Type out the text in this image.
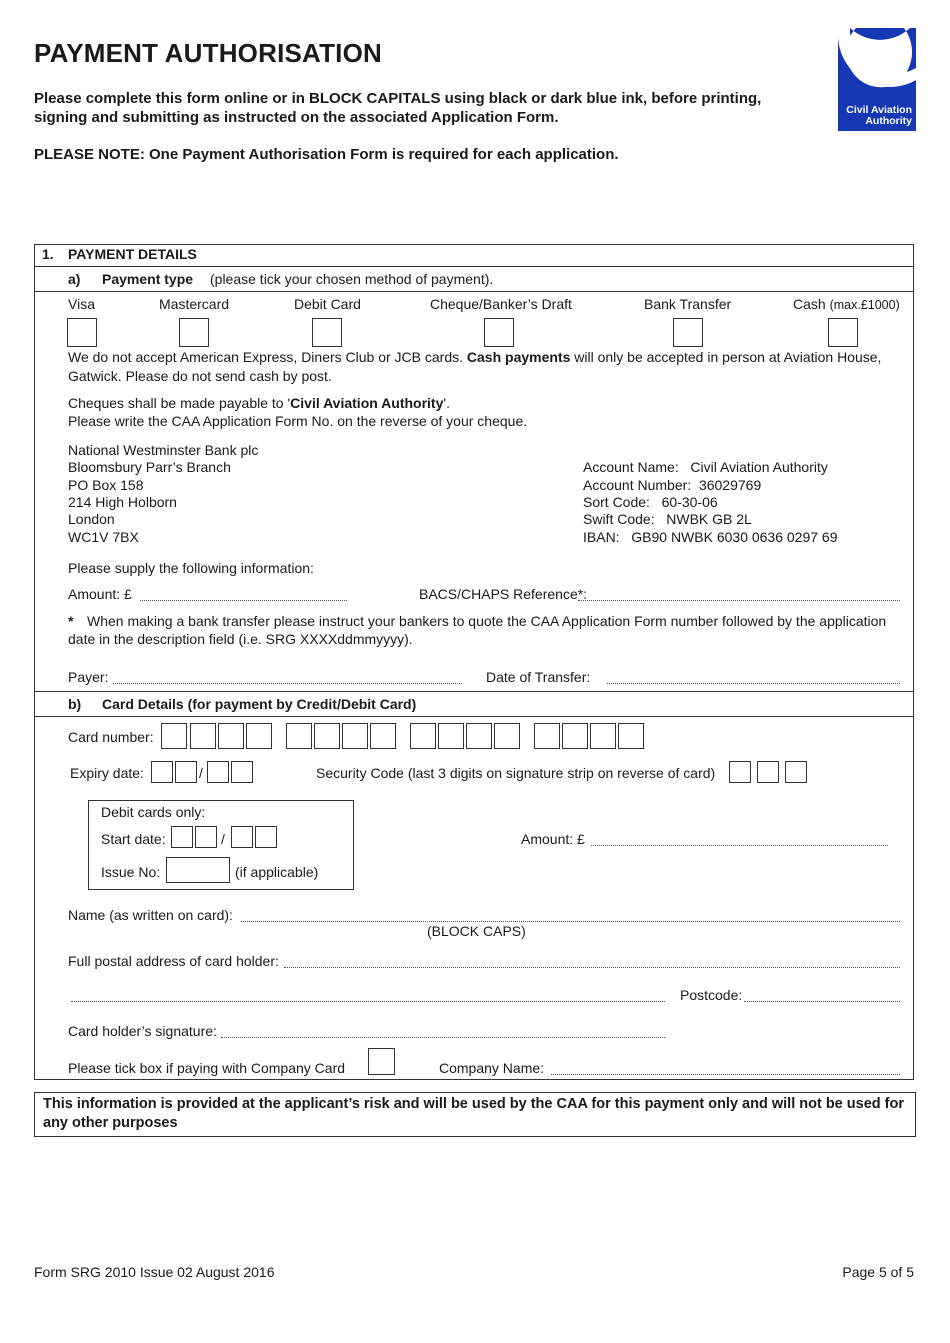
PAYMENT AUTHORISATION
Please complete this form online or in BLOCK CAPITALS using black or dark blue ink, before printing, signing and submitting as instructed on the associated Application Form.
PLEASE NOTE: One Payment Authorisation Form is required for each application.
Civil Aviation
Authority
1. PAYMENT DETAILS
a) Payment type (please tick your chosen method of payment).
Visa	Mastercard	Debit Card	Cheque/Banker’s Draft	Bank Transfer	Cash (max.£1000)
We do not accept American Express, Diners Club or JCB cards. Cash payments will only be accepted in person at Aviation House,
Gatwick. Please do not send cash by post.
Cheques shall be made payable to 'Civil Aviation Authority'.
Please write the CAA Application Form No. on the reverse of your cheque.
National Westminster Bank plc
Bloomsbury Parr’s Branch
PO Box 158
214 High Holborn
London
WC1V 7BX
Account Name: Civil Aviation Authority
Account Number: 36029769
Sort Code: 60-30-06
Swift Code: NWBK GB 2L
IBAN: GB90 NWBK 6030 0636 0297 69
Please supply the following information:
Amount: £	BACS/CHAPS Reference*:
* When making a bank transfer please instruct your bankers to quote the CAA Application Form number followed by the application
date in the description field (i.e. SRG XXXXddmmyyyy).
Payer:	Date of Transfer:
b) Card Details (for payment by Credit/Debit Card)
Card number:
Expiry date:	/	Security Code (last 3 digits on signature strip on reverse of card)
Debit cards only:
Start date:	/
Issue No:	(if applicable)
Amount: £
Name (as written on card):
(BLOCK CAPS)
Full postal address of card holder:
Postcode:
Card holder’s signature:
Please tick box if paying with Company Card	Company Name:
This information is provided at the applicant’s risk and will be used by the CAA for this payment only and will not be used for any other purposes
Form SRG 2010 Issue 02 August 2016	Page 5 of 5
